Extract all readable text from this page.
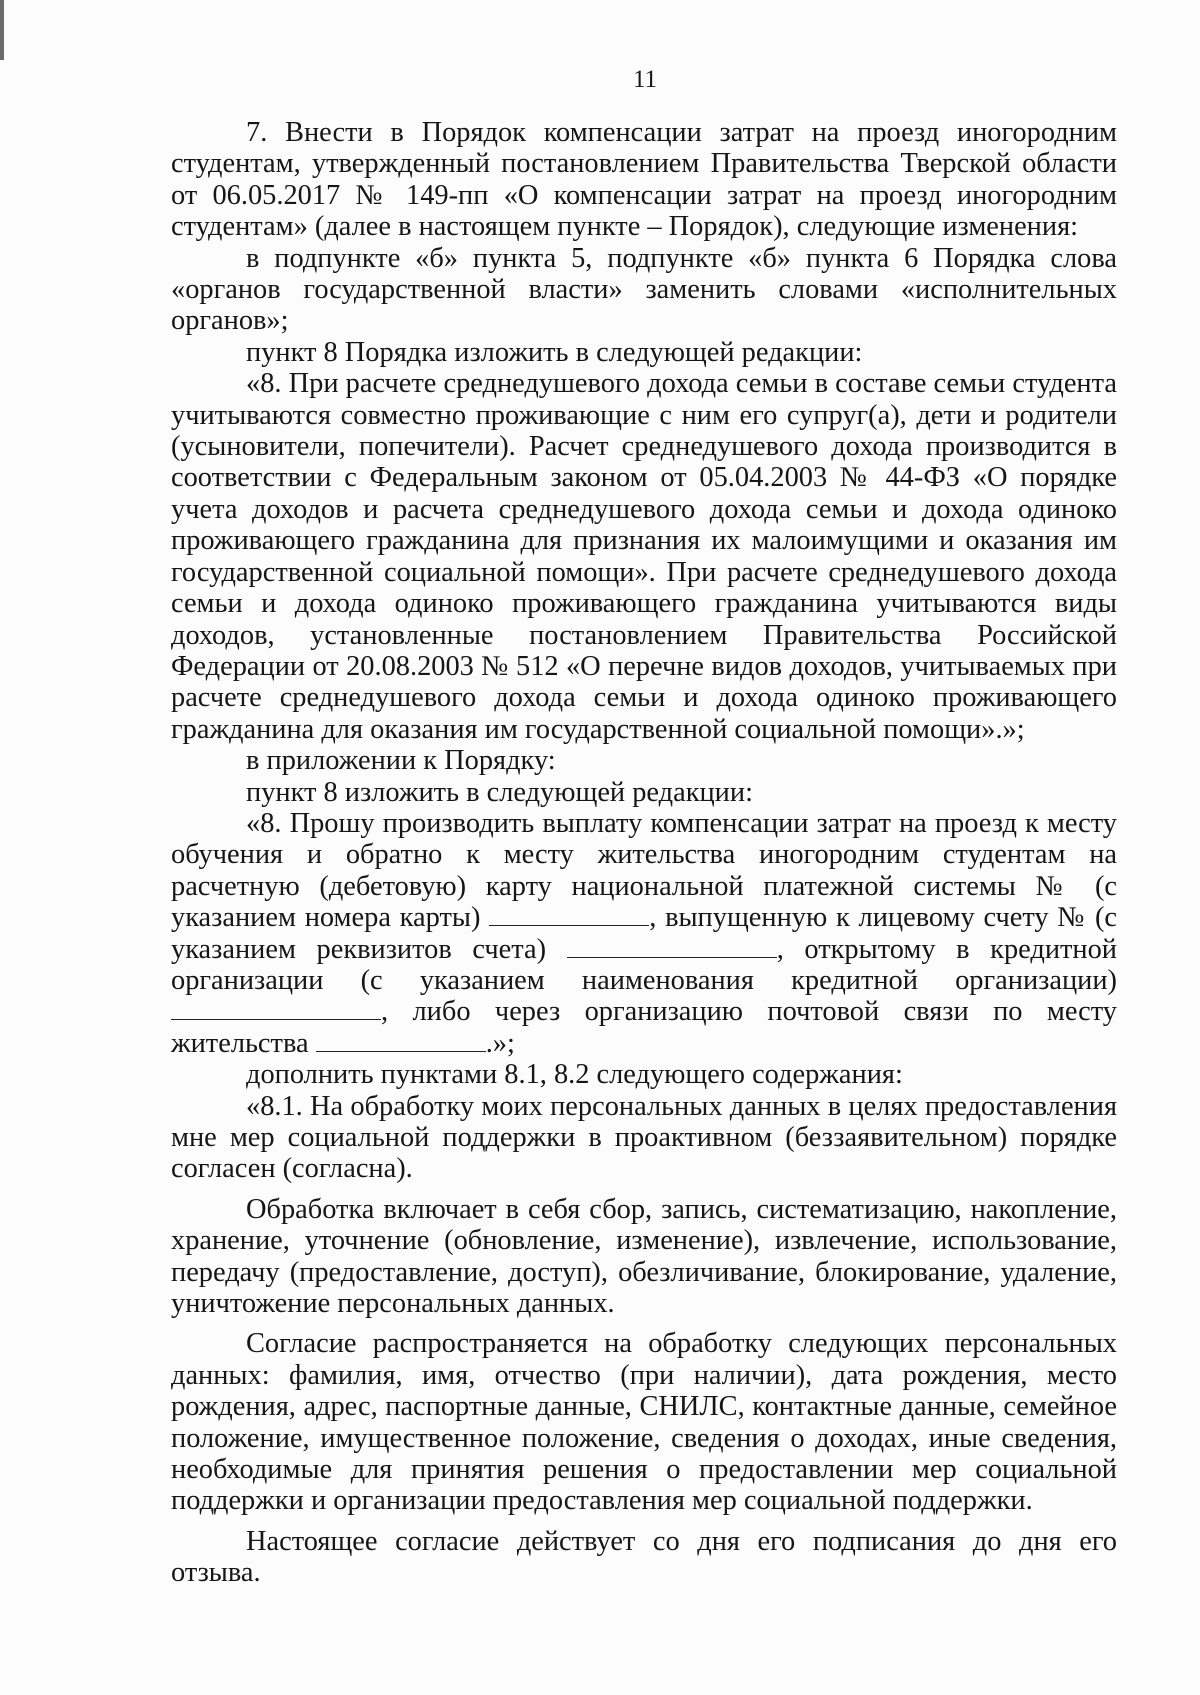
11

7. Внести в Порядок компенсации затрат на проезд иногородним студентам, утвержденный постановлением Правительства Тверской области от 06.05.2017 № 149-пп «О компенсации затрат на проезд иногородним студентам» (далее в настоящем пункте – Порядок), следующие изменения:

в подпункте «б» пункта 5, подпункте «б» пункта 6 Порядка слова «органов государственной власти» заменить словами «исполнительных органов»;

пункт 8 Порядка изложить в следующей редакции:

«8. При расчете среднедушевого дохода семьи в составе семьи студента учитываются совместно проживающие с ним его супруг(а), дети и родители (усыновители, попечители). Расчет среднедушевого дохода производится в соответствии с Федеральным законом от 05.04.2003 № 44-ФЗ «О порядке учета доходов и расчета среднедушевого дохода семьи и дохода одиноко проживающего гражданина для признания их малоимущими и оказания им государственной социальной помощи». При расчете среднедушевого дохода семьи и дохода одиноко проживающего гражданина учитываются виды доходов, установленные постановлением Правительства Российской Федерации от 20.08.2003 № 512 «О перечне видов доходов, учитываемых при расчете среднедушевого дохода семьи и дохода одиноко проживающего гражданина для оказания им государственной социальной помощи».»;

в приложении к Порядку:

пункт 8 изложить в следующей редакции:

«8. Прошу производить выплату компенсации затрат на проезд к месту обучения и обратно к месту жительства иногородним студентам на расчетную (дебетовую) карту национальной платежной системы № (с указанием номера карты)	, выпущенную к лицевому счету № (с указанием реквизитов счета)	, открытому в кредитной организации (с указанием наименования кредитной организации) , либо через организацию почтовой связи по месту жительства	.»;

дополнить пунктами 8.1, 8.2 следующего содержания:

«8.1. На обработку моих персональных данных в целях предоставления мне мер социальной поддержки в проактивном (беззаявительном) порядке согласен (согласна).

Обработка включает в себя сбор, запись, систематизацию, накопление, хранение, уточнение (обновление, изменение), извлечение, использование, передачу (предоставление, доступ), обезличивание, блокирование, удаление, уничтожение персональных данных.

Согласие распространяется на обработку следующих персональных данных: фамилия, имя, отчество (при наличии), дата рождения, место рождения, адрес, паспортные данные, СНИЛС, контактные данные, семейное положение, имущественное положение, сведения о доходах, иные сведения, необходимые для принятия решения о предоставлении мер социальной поддержки и организации предоставления мер социальной поддержки.

Настоящее согласие действует со дня его подписания до дня его отзыва.
